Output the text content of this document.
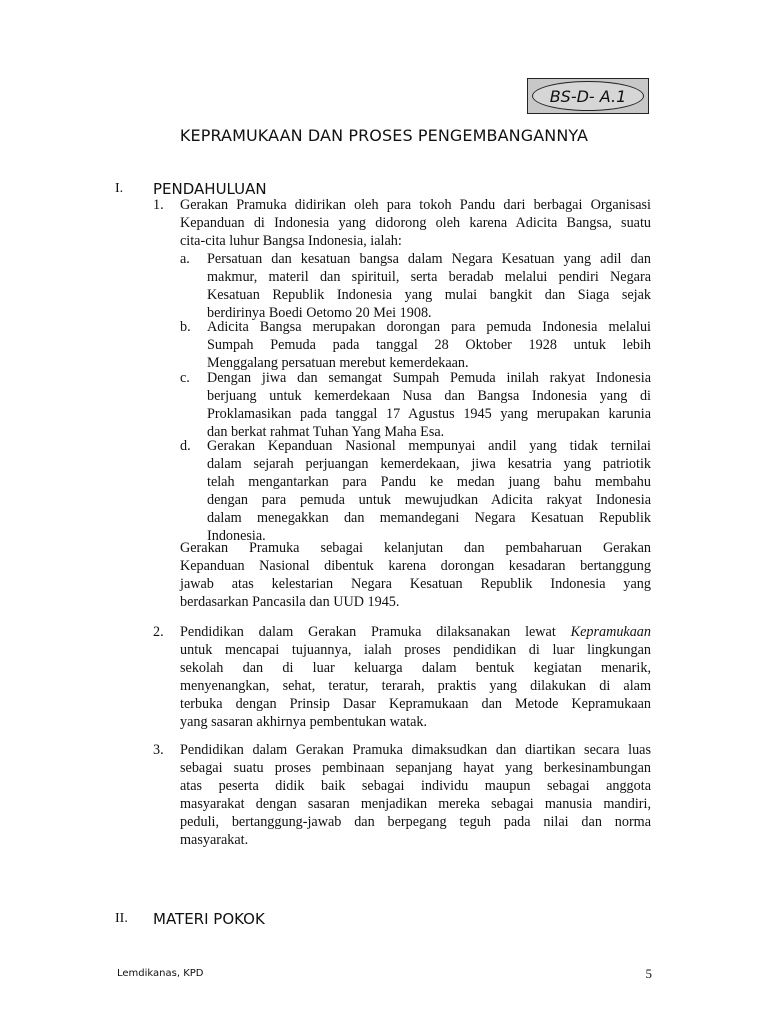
BS-D- A.1
KEPRAMUKAAN DAN PROSES PENGEMBANGANNYA
I. PENDAHULUAN
1. Gerakan Pramuka didirikan oleh para tokoh Pandu dari berbagai Organisasi
Kepanduan di Indonesia yang didorong oleh karena Adicita Bangsa, suatu
cita-cita luhur Bangsa Indonesia, ialah:
a. Persatuan dan kesatuan bangsa dalam Negara Kesatuan yang adil dan
makmur, materil dan spirituil, serta beradab melalui pendiri Negara
Kesatuan Republik Indonesia yang mulai bangkit dan Siaga sejak
berdirinya Boedi Oetomo 20 Mei 1908.
b. Adicita Bangsa merupakan dorongan para pemuda Indonesia melalui
Sumpah Pemuda pada tanggal 28 Oktober 1928 untuk lebih
Menggalang persatuan merebut kemerdekaan.
c. Dengan jiwa dan semangat Sumpah Pemuda inilah rakyat Indonesia
berjuang untuk kemerdekaan Nusa dan Bangsa Indonesia yang di
Proklamasikan pada tanggal 17 Agustus 1945 yang merupakan karunia
dan berkat rahmat Tuhan Yang Maha Esa.
d. Gerakan Kepanduan Nasional mempunyai andil yang tidak ternilai
dalam sejarah perjuangan kemerdekaan, jiwa kesatria yang patriotik
telah mengantarkan para Pandu ke medan juang bahu membahu
dengan para pemuda untuk mewujudkan Adicita rakyat Indonesia
dalam menegakkan dan memandegani Negara Kesatuan Republik
Indonesia.
Gerakan Pramuka sebagai kelanjutan dan pembaharuan Gerakan
Kepanduan Nasional dibentuk karena dorongan kesadaran bertanggung
jawab atas kelestarian Negara Kesatuan Republik Indonesia yang
berdasarkan Pancasila dan UUD 1945.
2. Pendidikan dalam Gerakan Pramuka dilaksanakan lewat Kepramukaan
untuk mencapai tujuannya, ialah proses pendidikan di luar lingkungan
sekolah dan di luar keluarga dalam bentuk kegiatan menarik,
menyenangkan, sehat, teratur, terarah, praktis yang dilakukan di alam
terbuka dengan Prinsip Dasar Kepramukaan dan Metode Kepramukaan
yang sasaran akhirnya pembentukan watak.
3. Pendidikan dalam Gerakan Pramuka dimaksudkan dan diartikan secara luas
sebagai suatu proses pembinaan sepanjang hayat yang berkesinambungan
atas peserta didik baik sebagai individu maupun sebagai anggota
masyarakat dengan sasaran menjadikan mereka sebagai manusia mandiri,
peduli, bertanggung-jawab dan berpegang teguh pada nilai dan norma
masyarakat.
II. MATERI POKOK
Lemdikanas, KPD	5
